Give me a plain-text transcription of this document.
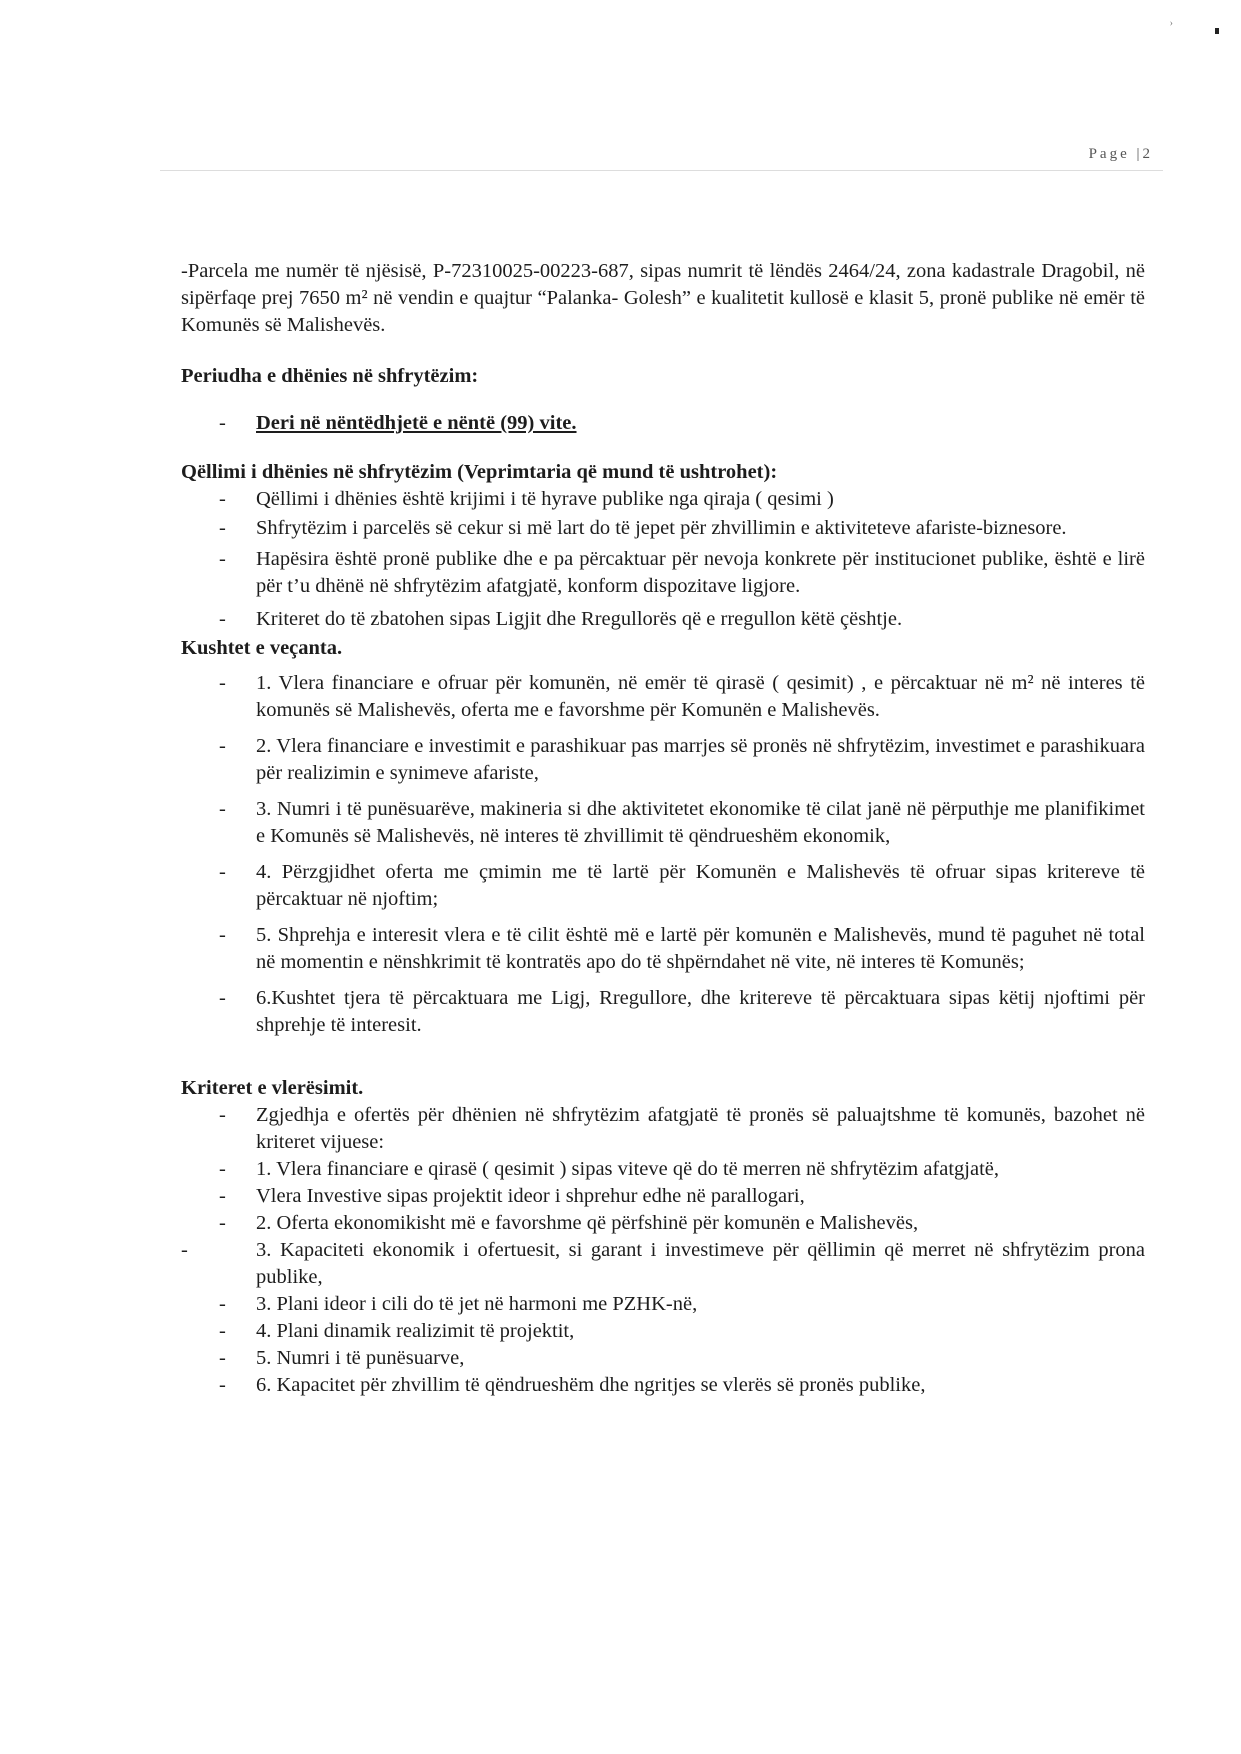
›
Page |2

-Parcela me numër të njësisë, P-72310025-00223-687, sipas numrit të lëndës 2464/24, zona kadastrale Dragobil, në sipërfaqe prej 7650 m² në vendin e quajtur “Palanka- Golesh” e kualitetit kullosë e klasit 5, pronë publike në emër të Komunës së Malishevës.

Periudha e dhënies në shfrytëzim:

- Deri në nëntëdhjetë e nëntë (99) vite.

Qëllimi i dhënies në shfrytëzim (Veprimtaria që mund të ushtrohet):

- Qëllimi i dhënies është krijimi i të hyrave publike nga qiraja ( qesimi )
- Shfrytëzim i parcelës së cekur si më lart do të jepet për zhvillimin e aktiviteteve afariste-biznesore.
- Hapësira është pronë publike dhe e pa përcaktuar për nevoja konkrete për institucionet publike, është e lirë për t’u dhënë në shfrytëzim afatgjatë, konform dispozitave ligjore.
- Kriteret do të zbatohen sipas Ligjit dhe Rregullorës që e rregullon këtë çështje.

Kushtet e veçanta.

- 1. Vlera financiare e ofruar për komunën, në emër të qirasë ( qesimit) , e përcaktuar në m² në interes të komunës së Malishevës, oferta me e favorshme për Komunën e Malishevës.
- 2. Vlera financiare e investimit e parashikuar pas marrjes së pronës në shfrytëzim, investimet e parashikuara për realizimin e synimeve afariste,
- 3. Numri i të punësuarëve, makineria si dhe aktivitetet ekonomike të cilat janë në përputhje me planifikimet e Komunës së Malishevës, në interes të zhvillimit të qëndrueshëm ekonomik,
- 4. Përzgjidhet oferta me çmimin me të lartë për Komunën e Malishevës të ofruar sipas kritereve të përcaktuar në njoftim;
- 5. Shprehja e interesit vlera e të cilit është më e lartë për komunën e Malishevës, mund të paguhet në total në momentin e nënshkrimit të kontratës apo do të shpërndahet në vite, në interes të Komunës;
- 6.Kushtet tjera të përcaktuara me Ligj, Rregullore, dhe kritereve të përcaktuara sipas këtij njoftimi për shprehje të interesit.

Kriteret e vlerësimit.

- Zgjedhja e ofertës për dhënien në shfrytëzim afatgjatë të pronës së paluajtshme të komunës, bazohet në kriteret vijuese:
- 1. Vlera financiare e qirasë ( qesimit ) sipas viteve që do të merren në shfrytëzim afatgjatë,
- Vlera Investive sipas projektit ideor i shprehur edhe në parallogari,
- 2. Oferta ekonomikisht më e favorshme që përfshinë për komunën e Malishevës,
- 3. Kapaciteti ekonomik i ofertuesit, si garant i investimeve për qëllimin që merret në shfrytëzim prona publike,
- 3. Plani ideor i cili do të jet në harmoni me PZHK-në,
- 4. Plani dinamik realizimit të projektit,
- 5. Numri i të punësuarve,
- 6. Kapacitet për zhvillim të qëndrueshëm dhe ngritjes se vlerës së pronës publike,
